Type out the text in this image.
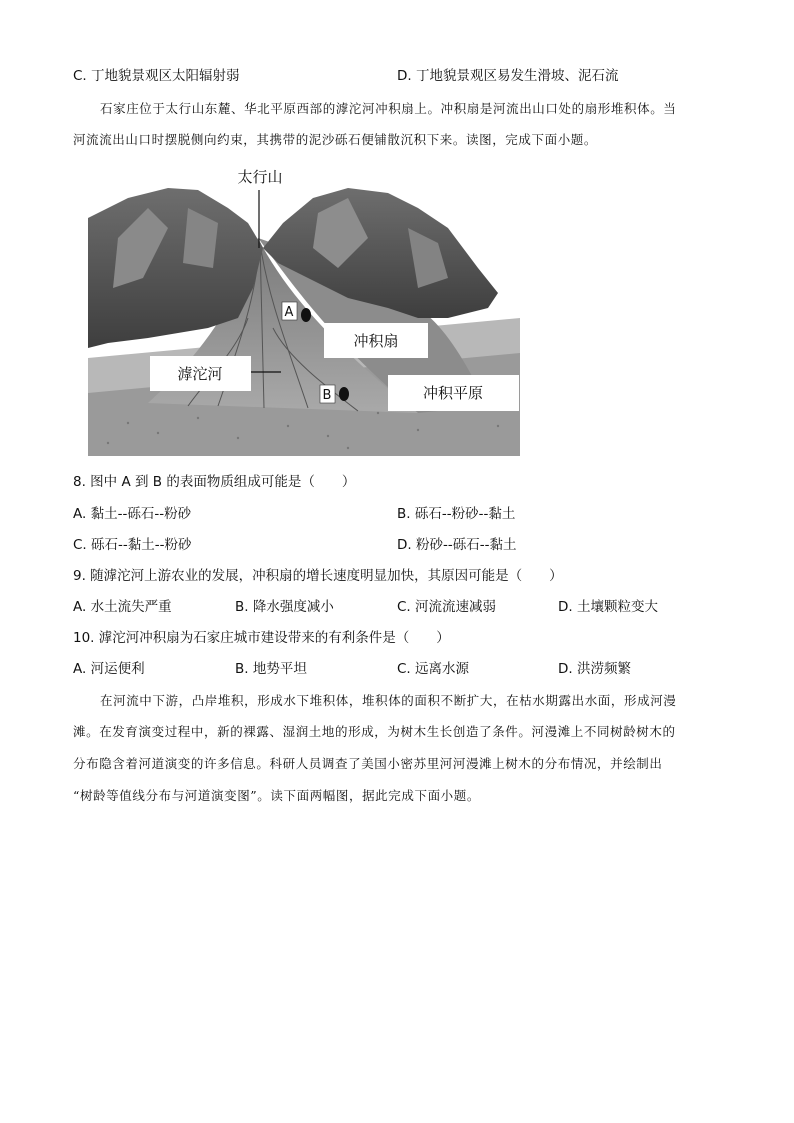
C. 丁地貌景观区太阳辐射弱	D. 丁地貌景观区易发生滑坡、泥石流
石家庄位于太行山东麓、华北平原西部的滹沱河冲积扇上。冲积扇是河流出山口处的扇形堆积体。当
河流流出山口时摆脱侧向约束，其携带的泥沙砾石便铺散沉积下来。读图，完成下面小题。
太行山
A
B
冲积扇
滹沱河
冲积平原
8. 图中 A 到 B 的表面物质组成可能是（　　）
A. 黏土--砾石--粉砂	B. 砾石--粉砂--黏土
C. 砾石--黏土--粉砂	D. 粉砂--砾石--黏土
9. 随滹沱河上游农业的发展，冲积扇的增长速度明显加快，其原因可能是（　　）
A. 水土流失严重	B. 降水强度减小	C. 河流流速减弱	D. 土壤颗粒变大
10. 滹沱河冲积扇为石家庄城市建设带来的有利条件是（　　）
A. 河运便利	B. 地势平坦	C. 远离水源	D. 洪涝频繁
在河流中下游，凸岸堆积，形成水下堆积体，堆积体的面积不断扩大，在枯水期露出水面，形成河漫
滩。在发育演变过程中，新的裸露、湿润土地的形成，为树木生长创造了条件。河漫滩上不同树龄树木的
分布隐含着河道演变的许多信息。科研人员调查了美国小密苏里河河漫滩上树木的分布情况，并绘制出
“树龄等值线分布与河道演变图”。读下面两幅图，据此完成下面小题。
